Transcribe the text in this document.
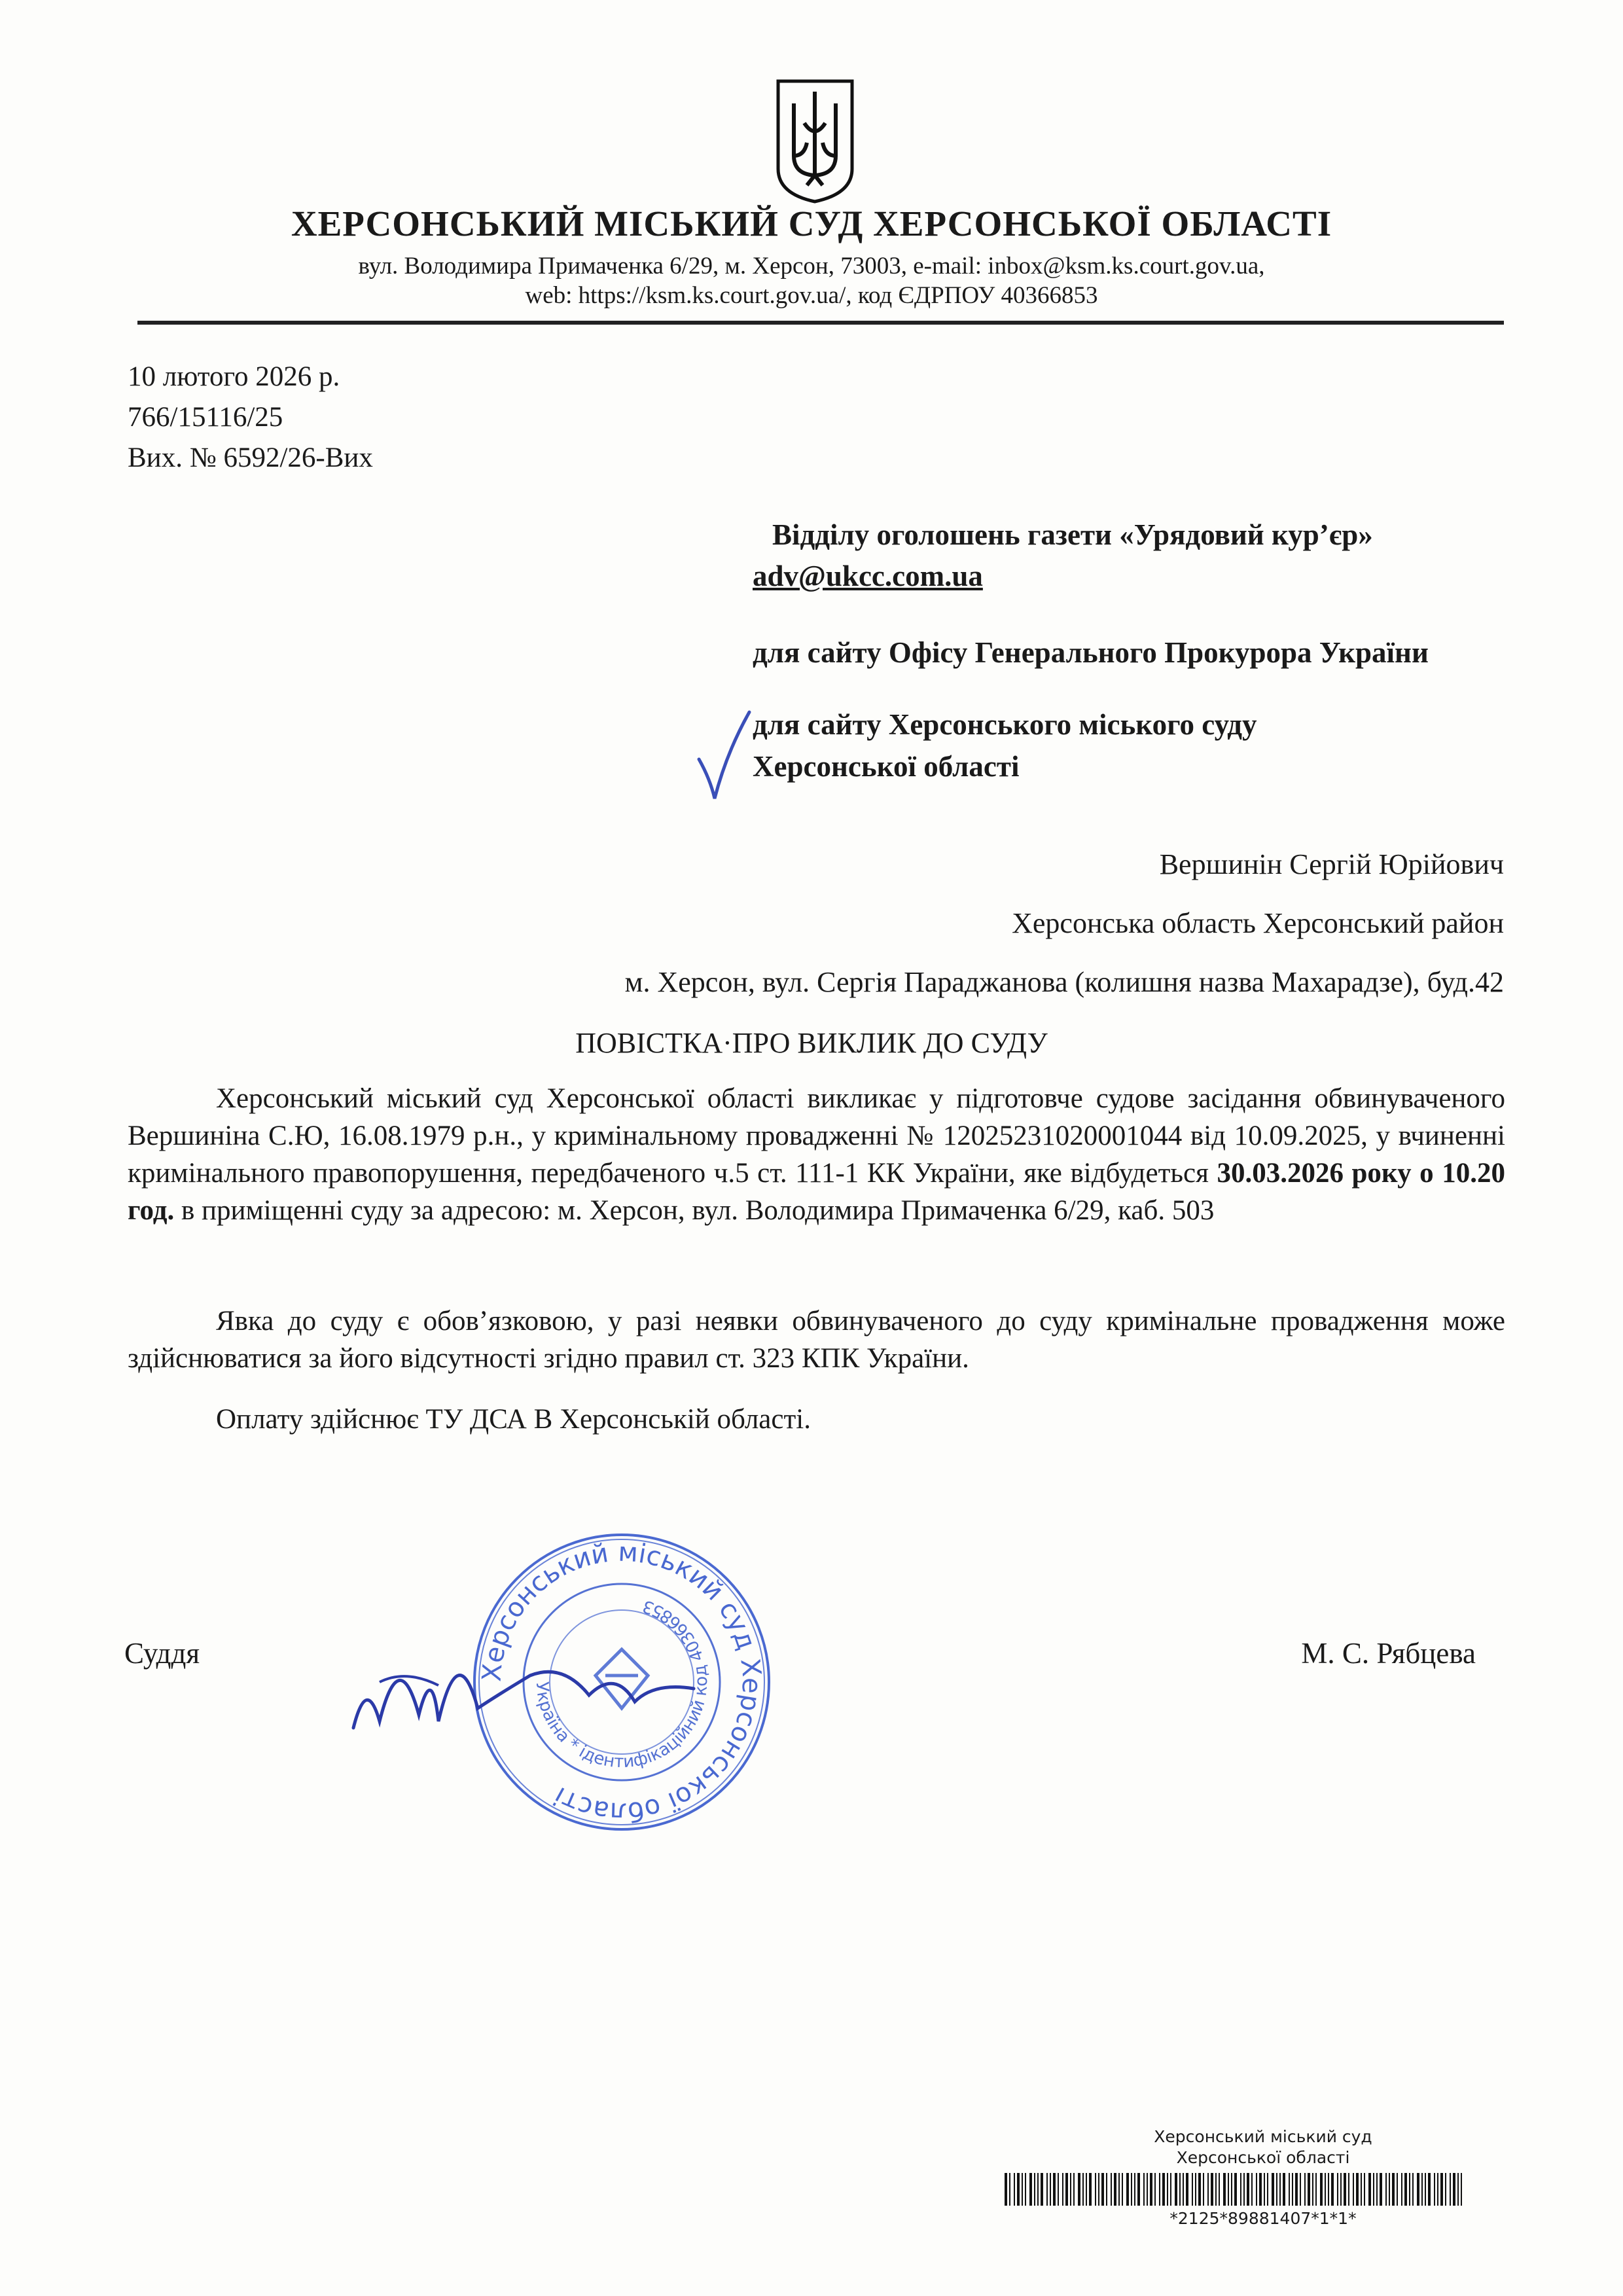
ХЕРСОНСЬКИЙ МІСЬКИЙ СУД ХЕРСОНСЬКОЇ ОБЛАСТІ
вул. Володимира Примаченка 6/29, м. Херсон, 73003, e-mail: inbox@ksm.ks.court.gov.ua,
web: https://ksm.ks.court.gov.ua/, код ЄДРПОУ 40366853
10 лютого 2026 р.
766/15116/25
Вих. № 6592/26-Вих
Відділу оголошень газети «Урядовий кур’єр»
adv@ukcc.com.ua
для сайту Офісу Генерального Прокурора України
для сайту Херсонського міського суду
Херсонської області
Вершинін Сергій Юрійович
Херсонська область Херсонський район
м. Херсон, вул. Сергія Параджанова (колишня назва Махарадзе), буд.42
ПОВІСТКА·ПРО ВИКЛИК ДО СУДУ
Херсонський міський суд Херсонської області викликає у підготовче судове засідання обвинуваченого Вершиніна С.Ю, 16.08.1979 р.н., у кримінальному провадженні № 12025231020001044 від 10.09.2025, у вчиненні кримінального правопорушення, передбаченого ч.5 ст. 111-1 КК України, яке відбудеться 30.03.2026 року о 10.20 год. в приміщенні суду за адресою: м. Херсон, вул. Володимира Примаченка 6/29, каб. 503
Явка до суду є обов’язковою, у разі неявки обвинуваченого до суду кримінальне провадження може здійснюватися за його відсутності згідно правил ст. 323 КПК України.
Оплату здійснює ТУ ДСА В Херсонській області.
Суддя	М. С. Рябцева
Херсонський міський суд Херсонської області
Україна * ідентифікаційний код 40366853
Херсонський міський суд
Херсонської області
*2125*89881407*1*1*
